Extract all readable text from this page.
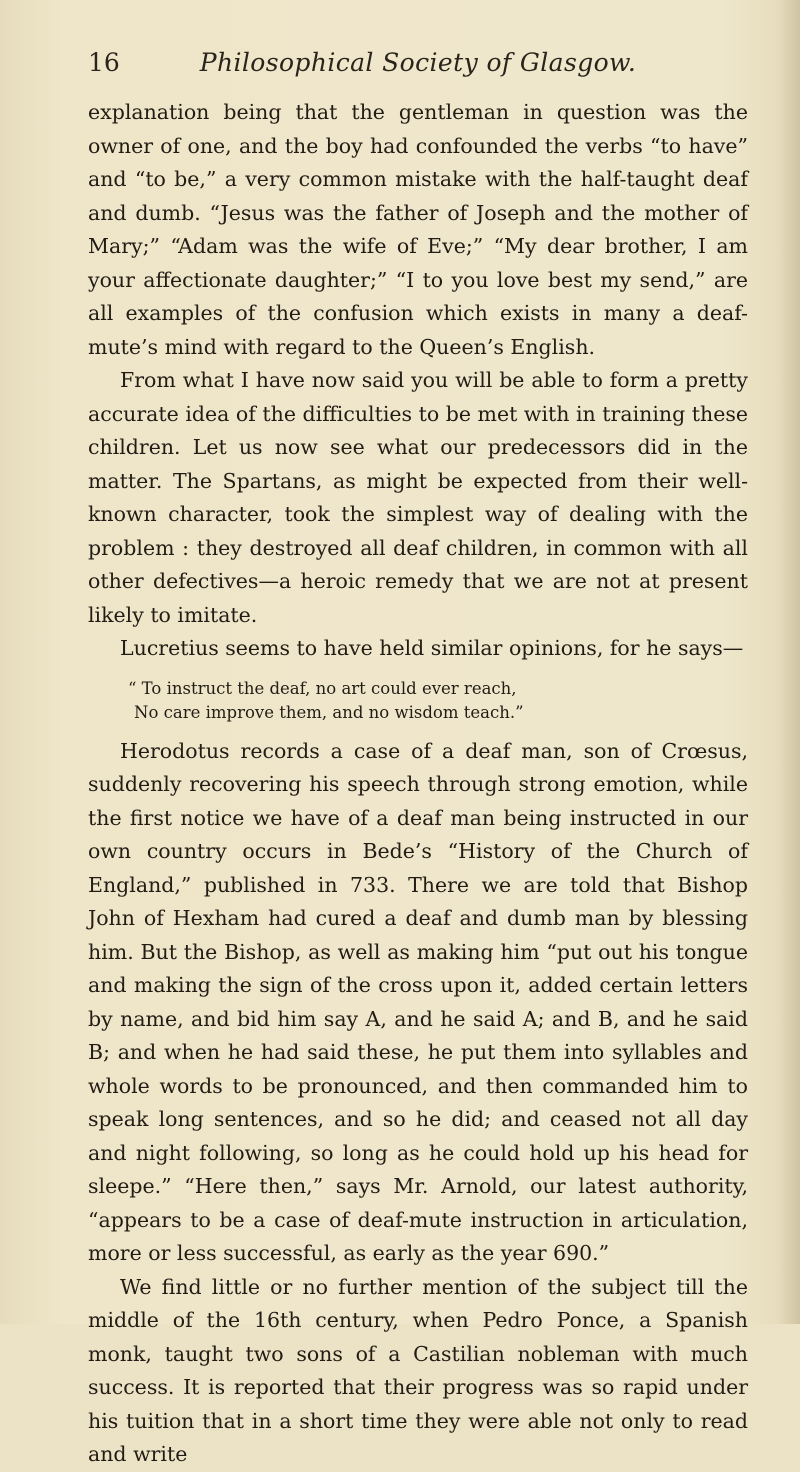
16	Philosophical Society of Glasgow.

explanation being that the gentleman in question was the owner of one, and the boy had confounded the verbs “to have” and “to be,” a very common mistake with the half-taught deaf and dumb. “Jesus was the father of Joseph and the mother of Mary;” “Adam was the wife of Eve;” “My dear brother, I am your affectionate daughter;” “I to you love best my send,” are all examples of the confusion which exists in many a deaf-mute’s mind with regard to the Queen’s English.

From what I have now said you will be able to form a pretty accurate idea of the difficulties to be met with in training these children. Let us now see what our predecessors did in the matter. The Spartans, as might be expected from their well-known character, took the simplest way of dealing with the problem : they destroyed all deaf children, in common with all other defectives—a heroic remedy that we are not at present likely to imitate.

Lucretius seems to have held similar opinions, for he says—

“ To instruct the deaf, no art could ever reach,
No care improve them, and no wisdom teach.”

Herodotus records a case of a deaf man, son of Crœsus, suddenly recovering his speech through strong emotion, while the first notice we have of a deaf man being instructed in our own country occurs in Bede’s “History of the Church of England,” published in 733. There we are told that Bishop John of Hexham had cured a deaf and dumb man by blessing him. But the Bishop, as well as making him “put out his tongue and making the sign of the cross upon it, added certain letters by name, and bid him say A, and he said A; and B, and he said B; and when he had said these, he put them into syllables and whole words to be pronounced, and then commanded him to speak long sentences, and so he did; and ceased not all day and night following, so long as he could hold up his head for sleepe.” “Here then,” says Mr. Arnold, our latest authority, “appears to be a case of deaf-mute instruction in articulation, more or less successful, as early as the year 690.”

We find little or no further mention of the subject till the middle of the 16th century, when Pedro Ponce, a Spanish monk, taught two sons of a Castilian nobleman with much success. It is reported that their progress was so rapid under his tuition that in a short time they were able not only to read and write
